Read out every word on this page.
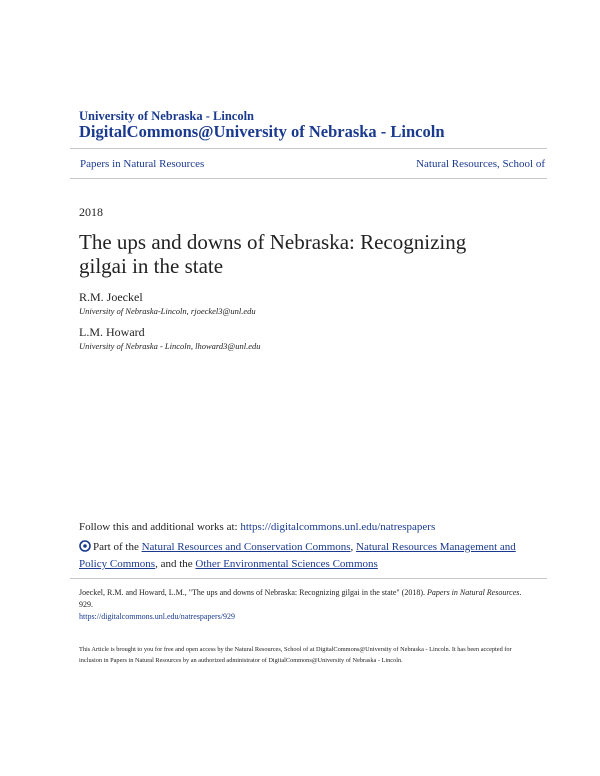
University of Nebraska - Lincoln
DigitalCommons@University of Nebraska - Lincoln
Papers in Natural Resources	Natural Resources, School of
2018
The ups and downs of Nebraska: Recognizing gilgai in the state
R.M. Joeckel
University of Nebraska-Lincoln, rjoeckel3@unl.edu
L.M. Howard
University of Nebraska - Lincoln, lhoward3@unl.edu
Follow this and additional works at: https://digitalcommons.unl.edu/natrespapers
Part of the Natural Resources and Conservation Commons, Natural Resources Management and Policy Commons, and the Other Environmental Sciences Commons
Joeckel, R.M. and Howard, L.M., "The ups and downs of Nebraska: Recognizing gilgai in the state" (2018). Papers in Natural Resources. 929.
https://digitalcommons.unl.edu/natrespapers/929
This Article is brought to you for free and open access by the Natural Resources, School of at DigitalCommons@University of Nebraska - Lincoln. It has been accepted for inclusion in Papers in Natural Resources by an authorized administrator of DigitalCommons@University of Nebraska - Lincoln.
